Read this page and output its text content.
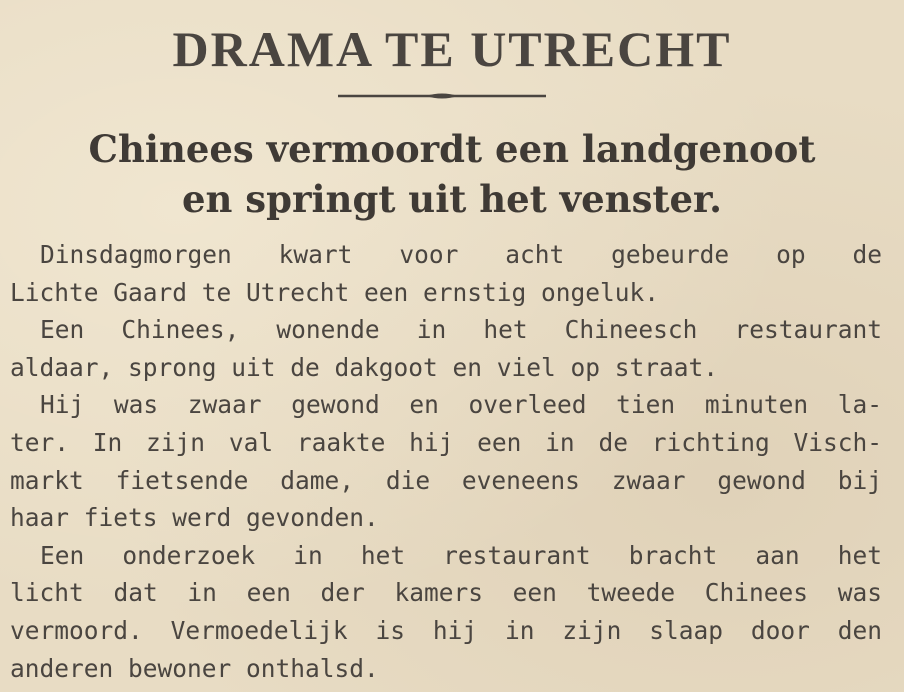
DRAMA TE UTRECHT
Chinees vermoordt een landgenoot
en springt uit het venster.
Dinsdagmorgen kwart voor acht gebeurde op de
Lichte Gaard te Utrecht een ernstig ongeluk.
Een Chinees, wonende in het Chineesch restaurant
aldaar, sprong uit de dakgoot en viel op straat.
Hij was zwaar gewond en overleed tien minuten la-
ter. In zijn val raakte hij een in de richting Visch-
markt fietsende dame, die eveneens zwaar gewond bij
haar fiets werd gevonden.
Een onderzoek in het restaurant bracht aan het
licht dat in een der kamers een tweede Chinees was
vermoord. Vermoedelijk is hij in zijn slaap door den
anderen bewoner onthalsd.
